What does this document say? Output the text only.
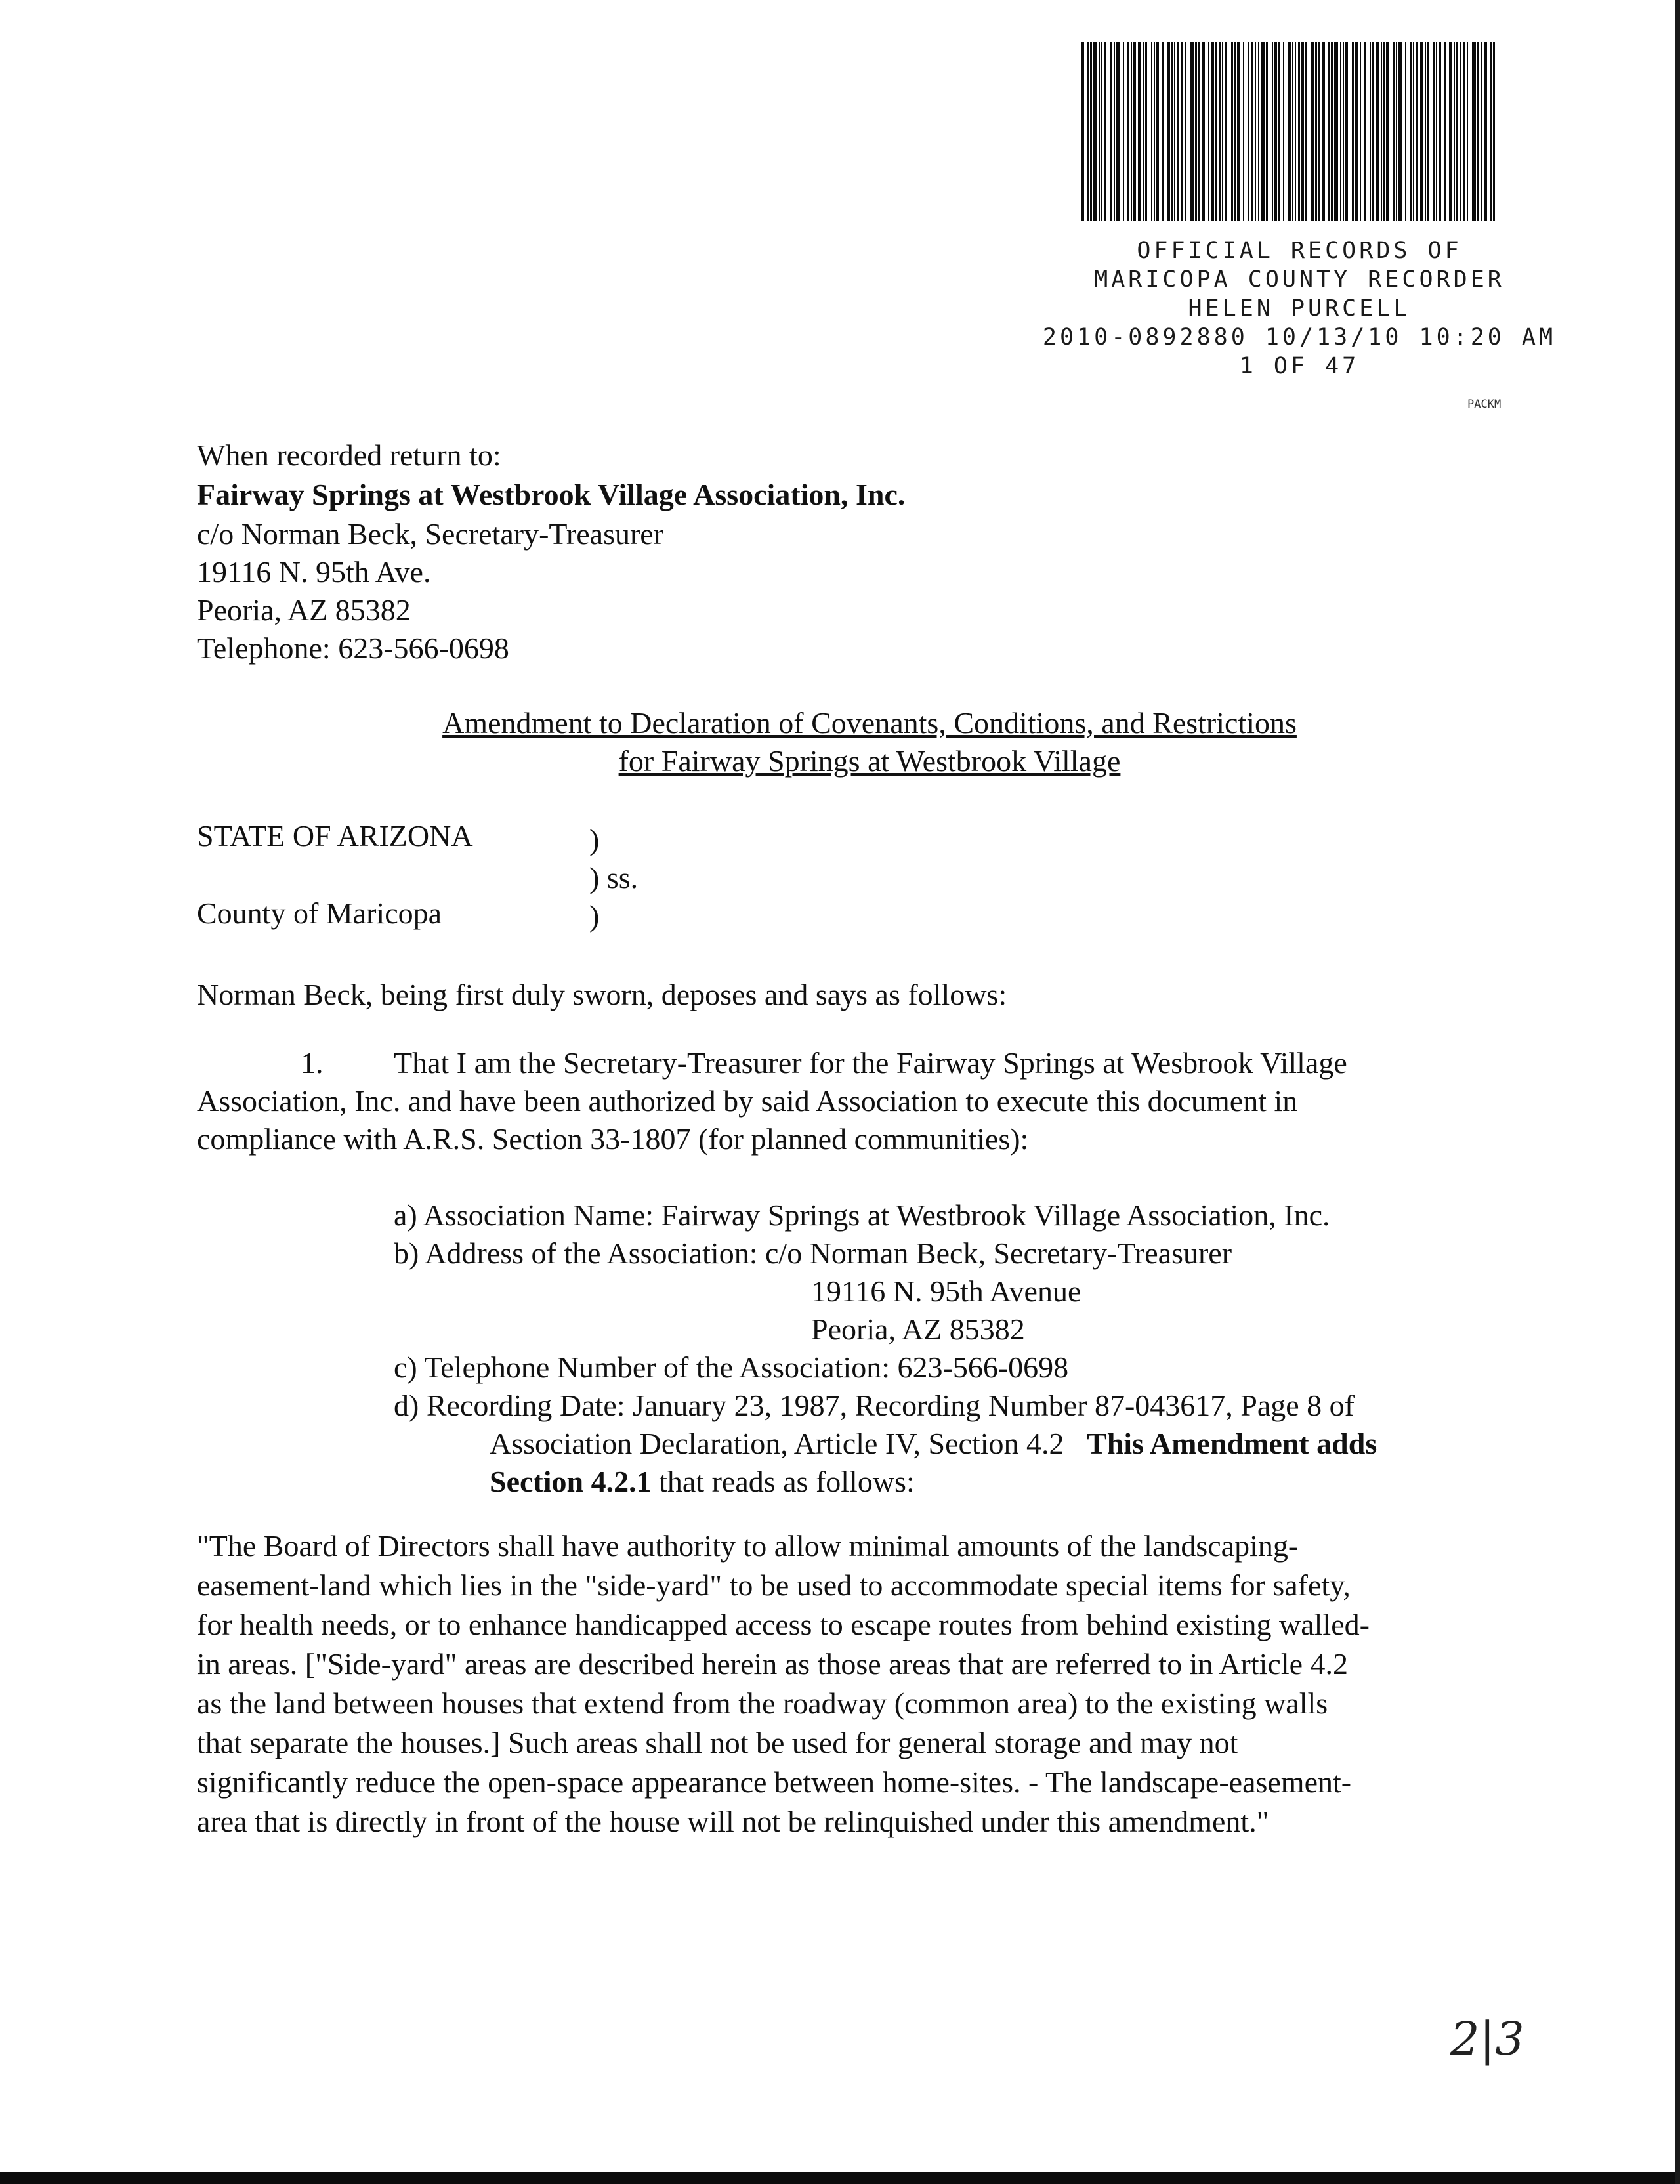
OFFICIAL RECORDS OF
MARICOPA COUNTY RECORDER
HELEN PURCELL
2010-0892880 10/13/10 10:20 AM
1 OF 47
PACKM
When recorded return to:
Fairway Springs at Westbrook Village Association, Inc.
c/o Norman Beck, Secretary-Treasurer
19116 N. 95th Ave.
Peoria, AZ 85382
Telephone: 623-566-0698
Amendment to Declaration of Covenants, Conditions, and Restrictions
for Fairway Springs at Westbrook Village
STATE OF ARIZONA
County of Maricopa
)
) ss.
)
Norman Beck, being first duly sworn, deposes and says as follows:
1. That I am the Secretary-Treasurer for the Fairway Springs at Wesbrook Village
Association, Inc. and have been authorized by said Association to execute this document in
compliance with A.R.S. Section 33-1807 (for planned communities):
a) Association Name: Fairway Springs at Westbrook Village Association, Inc.
b) Address of the Association: c/o Norman Beck, Secretary-Treasurer
19116 N. 95th Avenue
Peoria, AZ 85382
c) Telephone Number of the Association: 623-566-0698
d) Recording Date: January 23, 1987, Recording Number 87-043617, Page 8 of
Association Declaration, Article IV, Section 4.2 This Amendment adds
Section 4.2.1 that reads as follows:
"The Board of Directors shall have authority to allow minimal amounts of the landscaping-
easement-land which lies in the "side-yard" to be used to accommodate special items for safety,
for health needs, or to enhance handicapped access to escape routes from behind existing walled-
in areas. ["Side-yard" areas are described herein as those areas that are referred to in Article 4.2
as the land between houses that extend from the roadway (common area) to the existing walls
that separate the houses.] Such areas shall not be used for general storage and may not
significantly reduce the open-space appearance between home-sites. - The landscape-easement-
area that is directly in front of the house will not be relinquished under this amendment."
2|3
